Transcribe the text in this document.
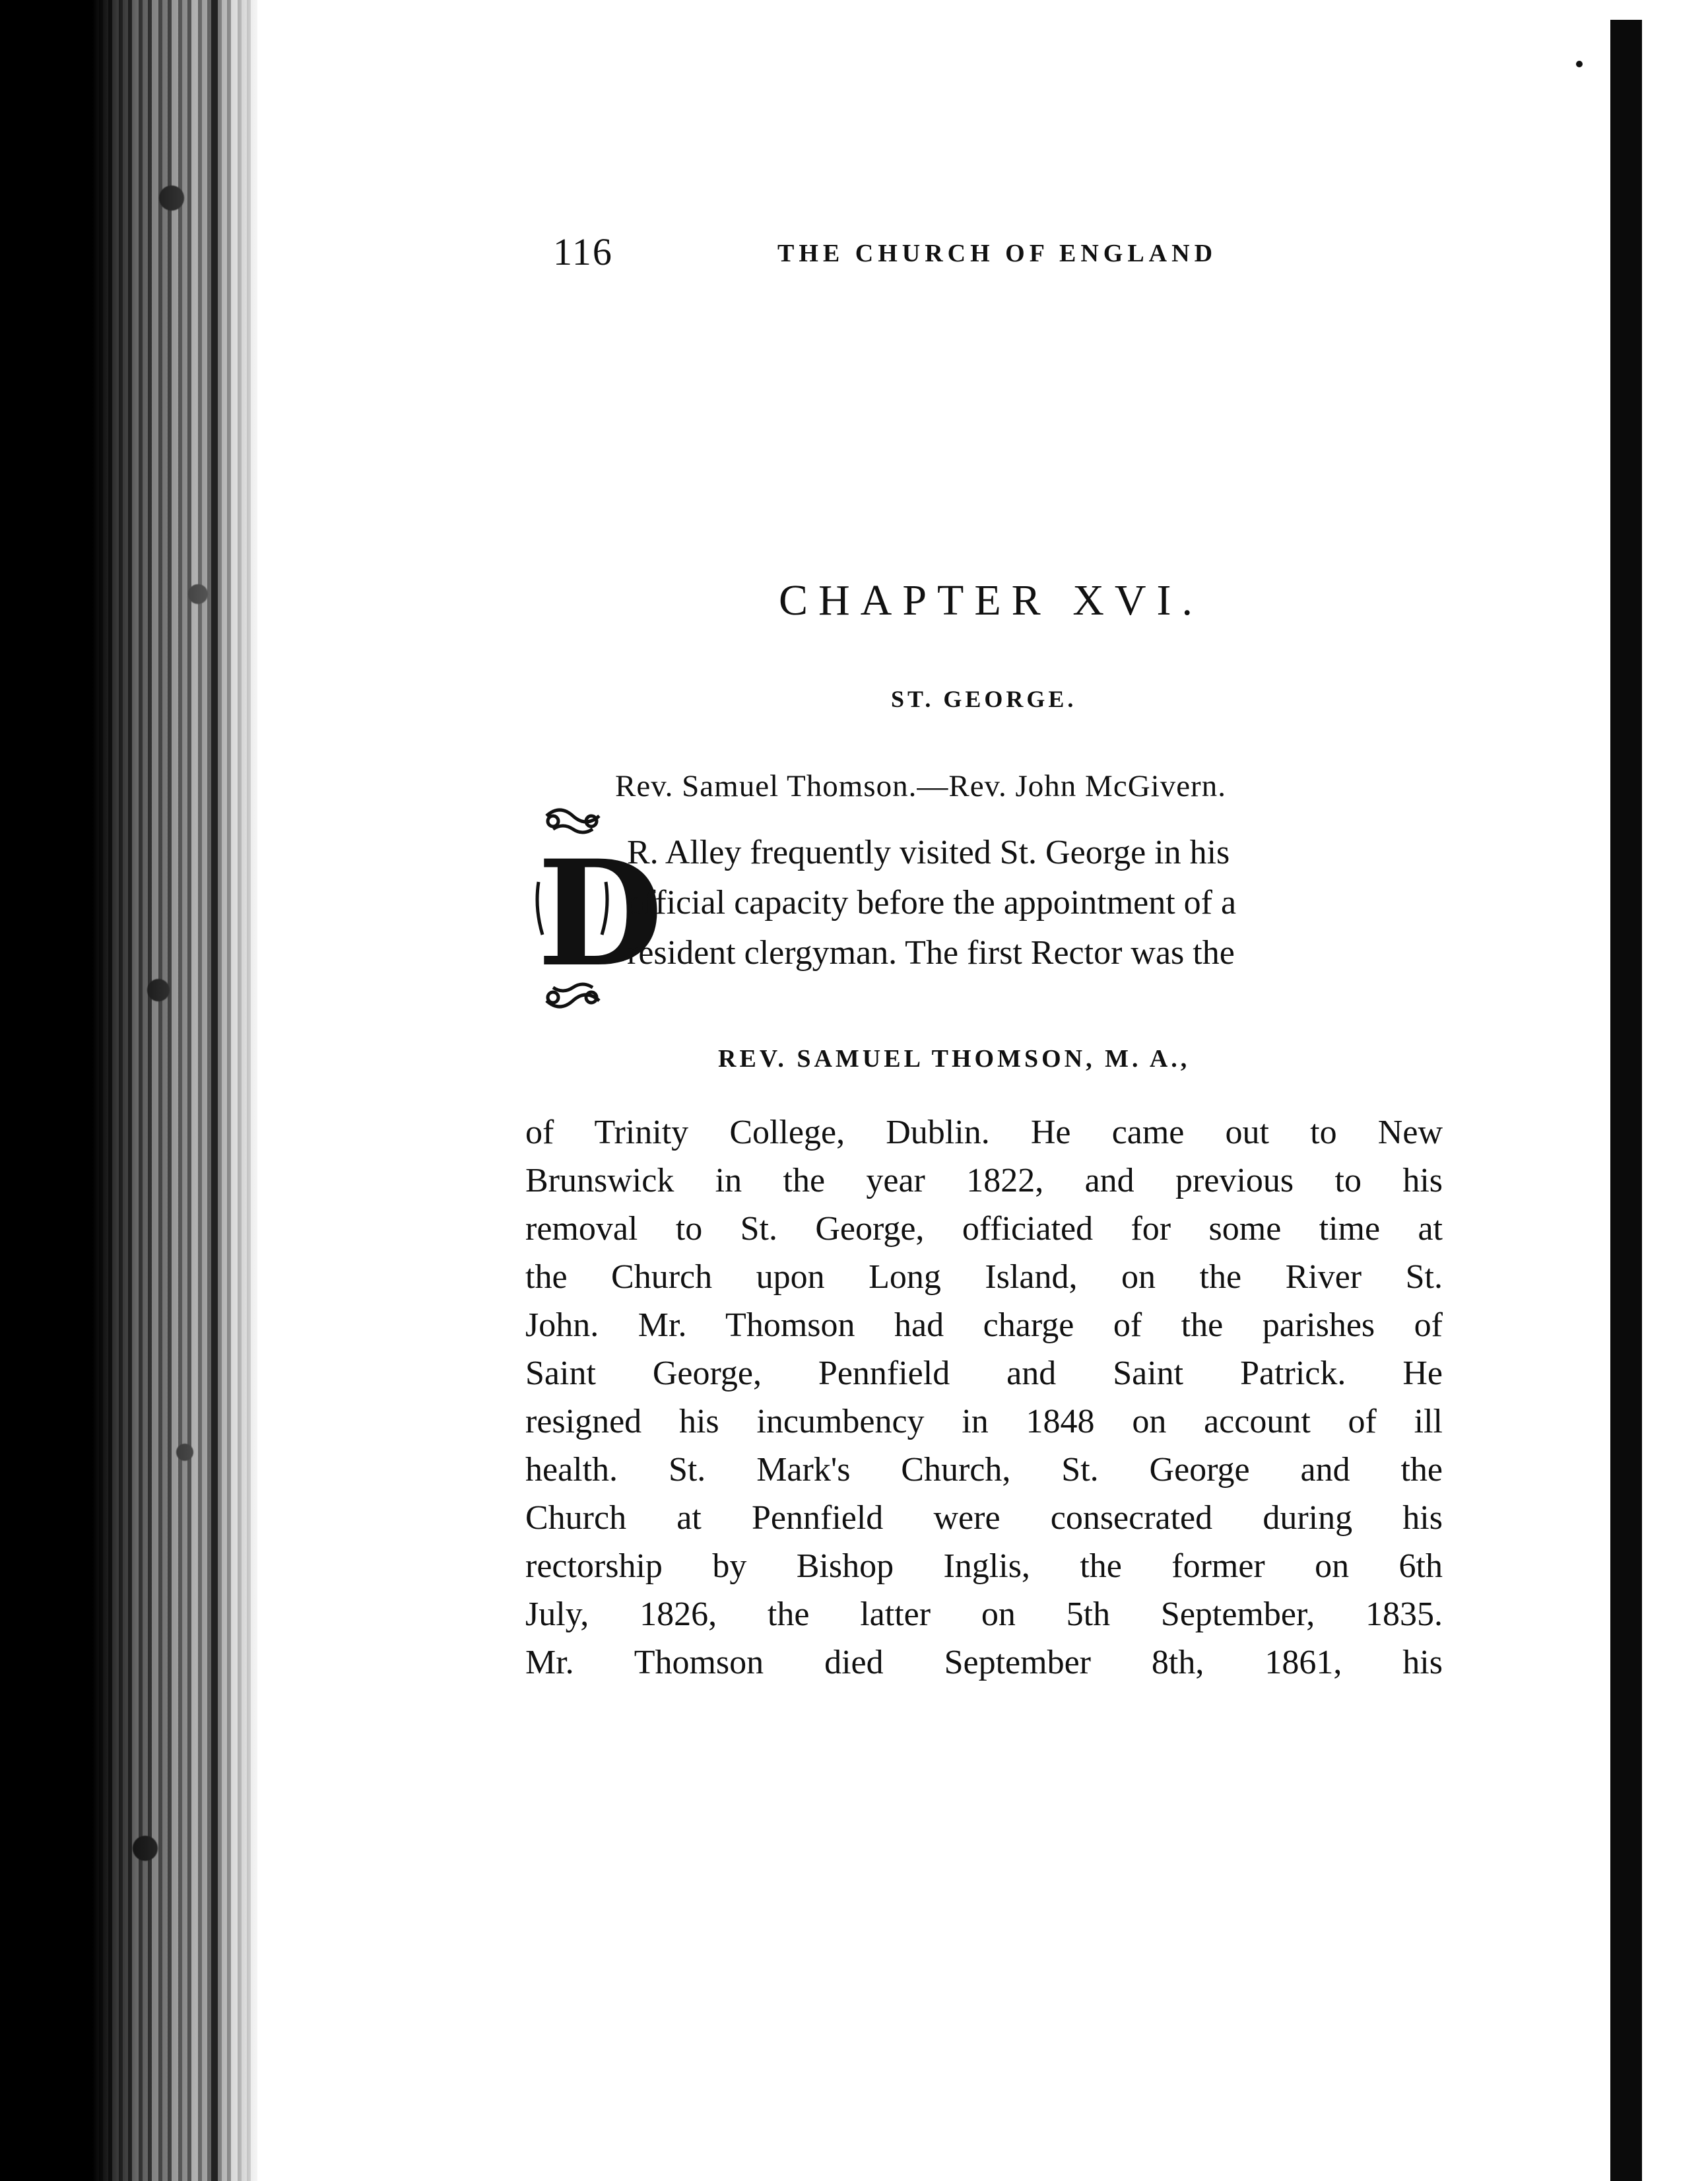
116	THE CHURCH OF ENGLAND
CHAPTER XVI.
ST. GEORGE.
Rev. Samuel Thomson.—Rev. John McGivern.
D
R. Alley frequently visited St. George in his
official capacity before the appointment of a
resident clergyman. The first Rector was the
REV. SAMUEL THOMSON, M. A.,
of Trinity College, Dublin. He came out to New
Brunswick in the year 1822, and previous to his
removal to St. George, officiated for some time at
the Church upon Long Island, on the River St.
John. Mr. Thomson had charge of the parishes of
Saint George, Pennfield and Saint Patrick. He
resigned his incumbency in 1848 on account of ill
health. St. Mark's Church, St. George and the
Church at Pennfield were consecrated during his
rectorship by Bishop Inglis, the former on 6th
July, 1826, the latter on 5th September, 1835.
Mr. Thomson died September 8th, 1861, his
